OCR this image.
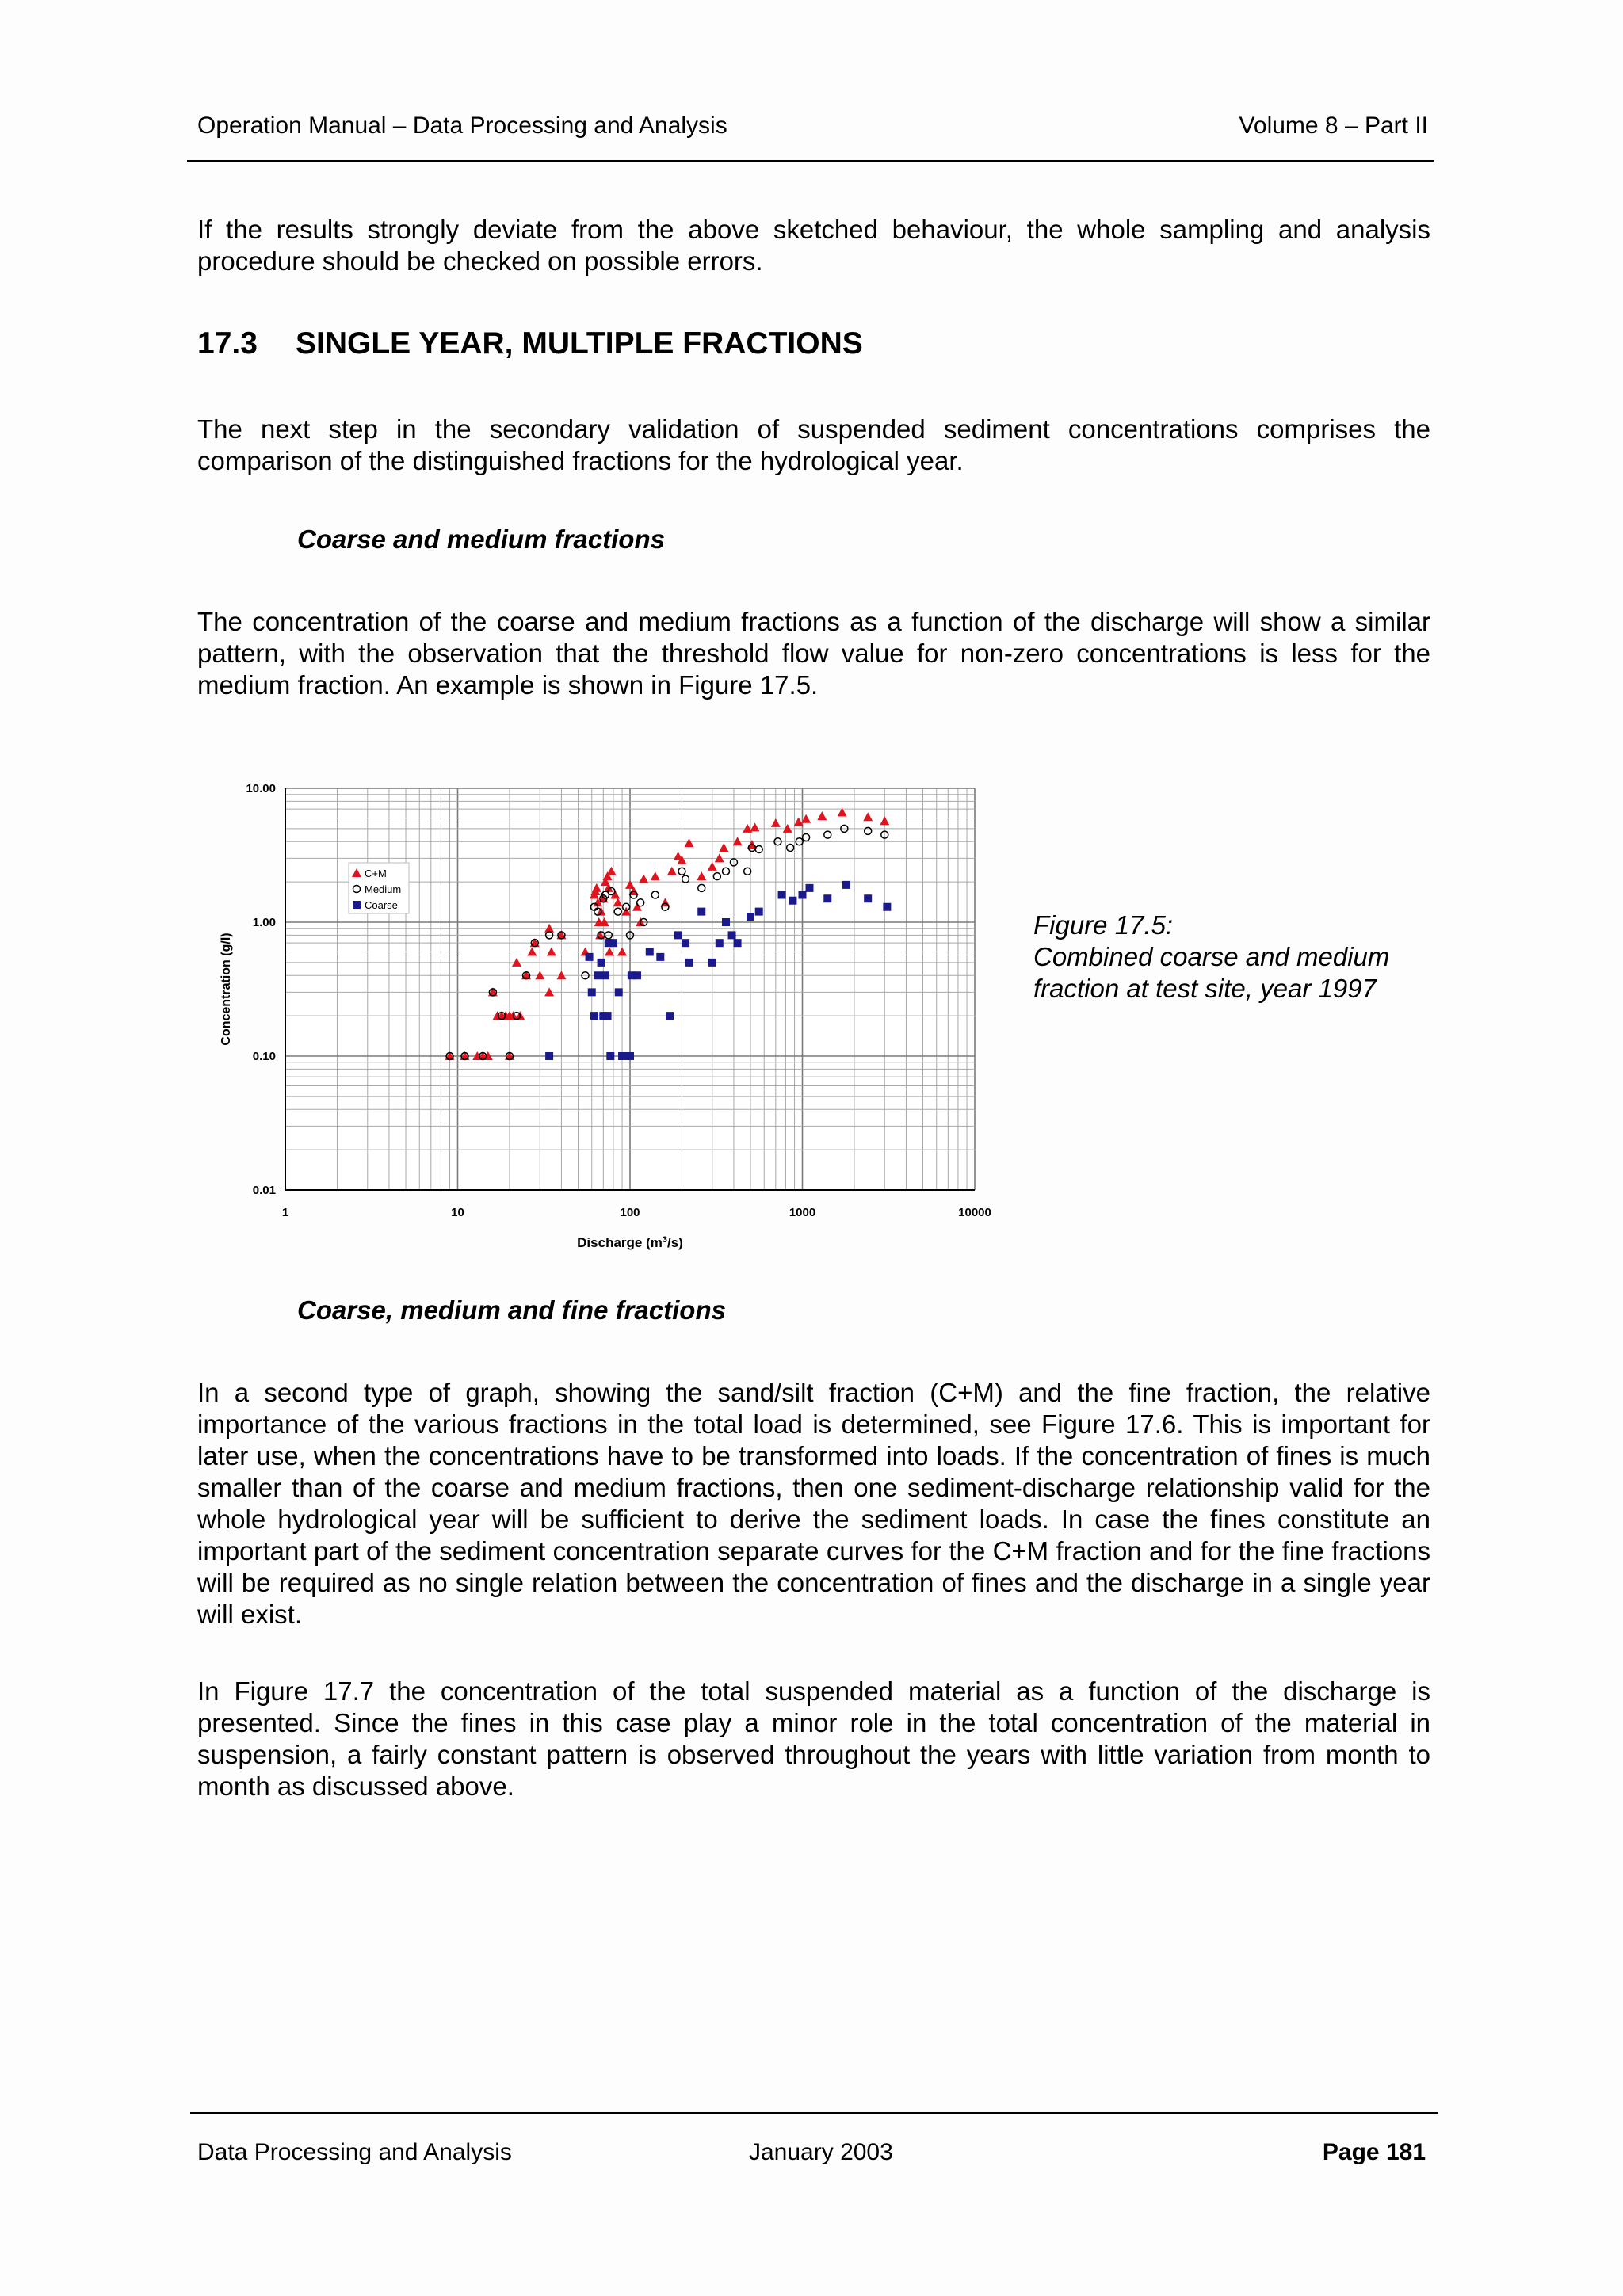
Operation Manual – Data Processing and Analysis	Volume 8 – Part II

If the results strongly deviate from the above sketched behaviour, the whole sampling and analysis procedure should be checked on possible errors.

17.3 SINGLE YEAR, MULTIPLE FRACTIONS

The next step in the secondary validation of suspended sediment concentrations comprises the comparison of the distinguished fractions for the hydrological year.

Coarse and medium fractions

The concentration of the coarse and medium fractions as a function of the discharge will show a similar pattern, with the observation that the threshold flow value for non-zero concentrations is less for the medium fraction. An example is shown in Figure 17.5.

1	10	100	1000	10000
0.01
0.10
1.00
10.00
Discharge $(m^3/s)$
Concentration (g/l)
C+M
Medium
Coarse
Figure 17.5:
Combined coarse and medium
fraction at test site, year 1997

Coarse, medium and fine fractions

In a second type of graph, showing the sand/silt fraction (C+M) and the fine fraction, the relative importance of the various fractions in the total load is determined, see Figure 17.6. This is important for later use, when the concentrations have to be transformed into loads. If the concentration of fines is much smaller than of the coarse and medium fractions, then one sediment-discharge relationship valid for the whole hydrological year will be sufficient to derive the sediment loads. In case the fines constitute an important part of the sediment concentration separate curves for the C+M fraction and for the fine fractions will be required as no single relation between the concentration of fines and the discharge in a single year will exist.

In Figure 17.7 the concentration of the total suspended material as a function of the discharge is presented. Since the fines in this case play a minor role in the total concentration of the material in suspension, a fairly constant pattern is observed throughout the years with little variation from month to month as discussed above.

Data Processing and Analysis	January 2003	Page 181
